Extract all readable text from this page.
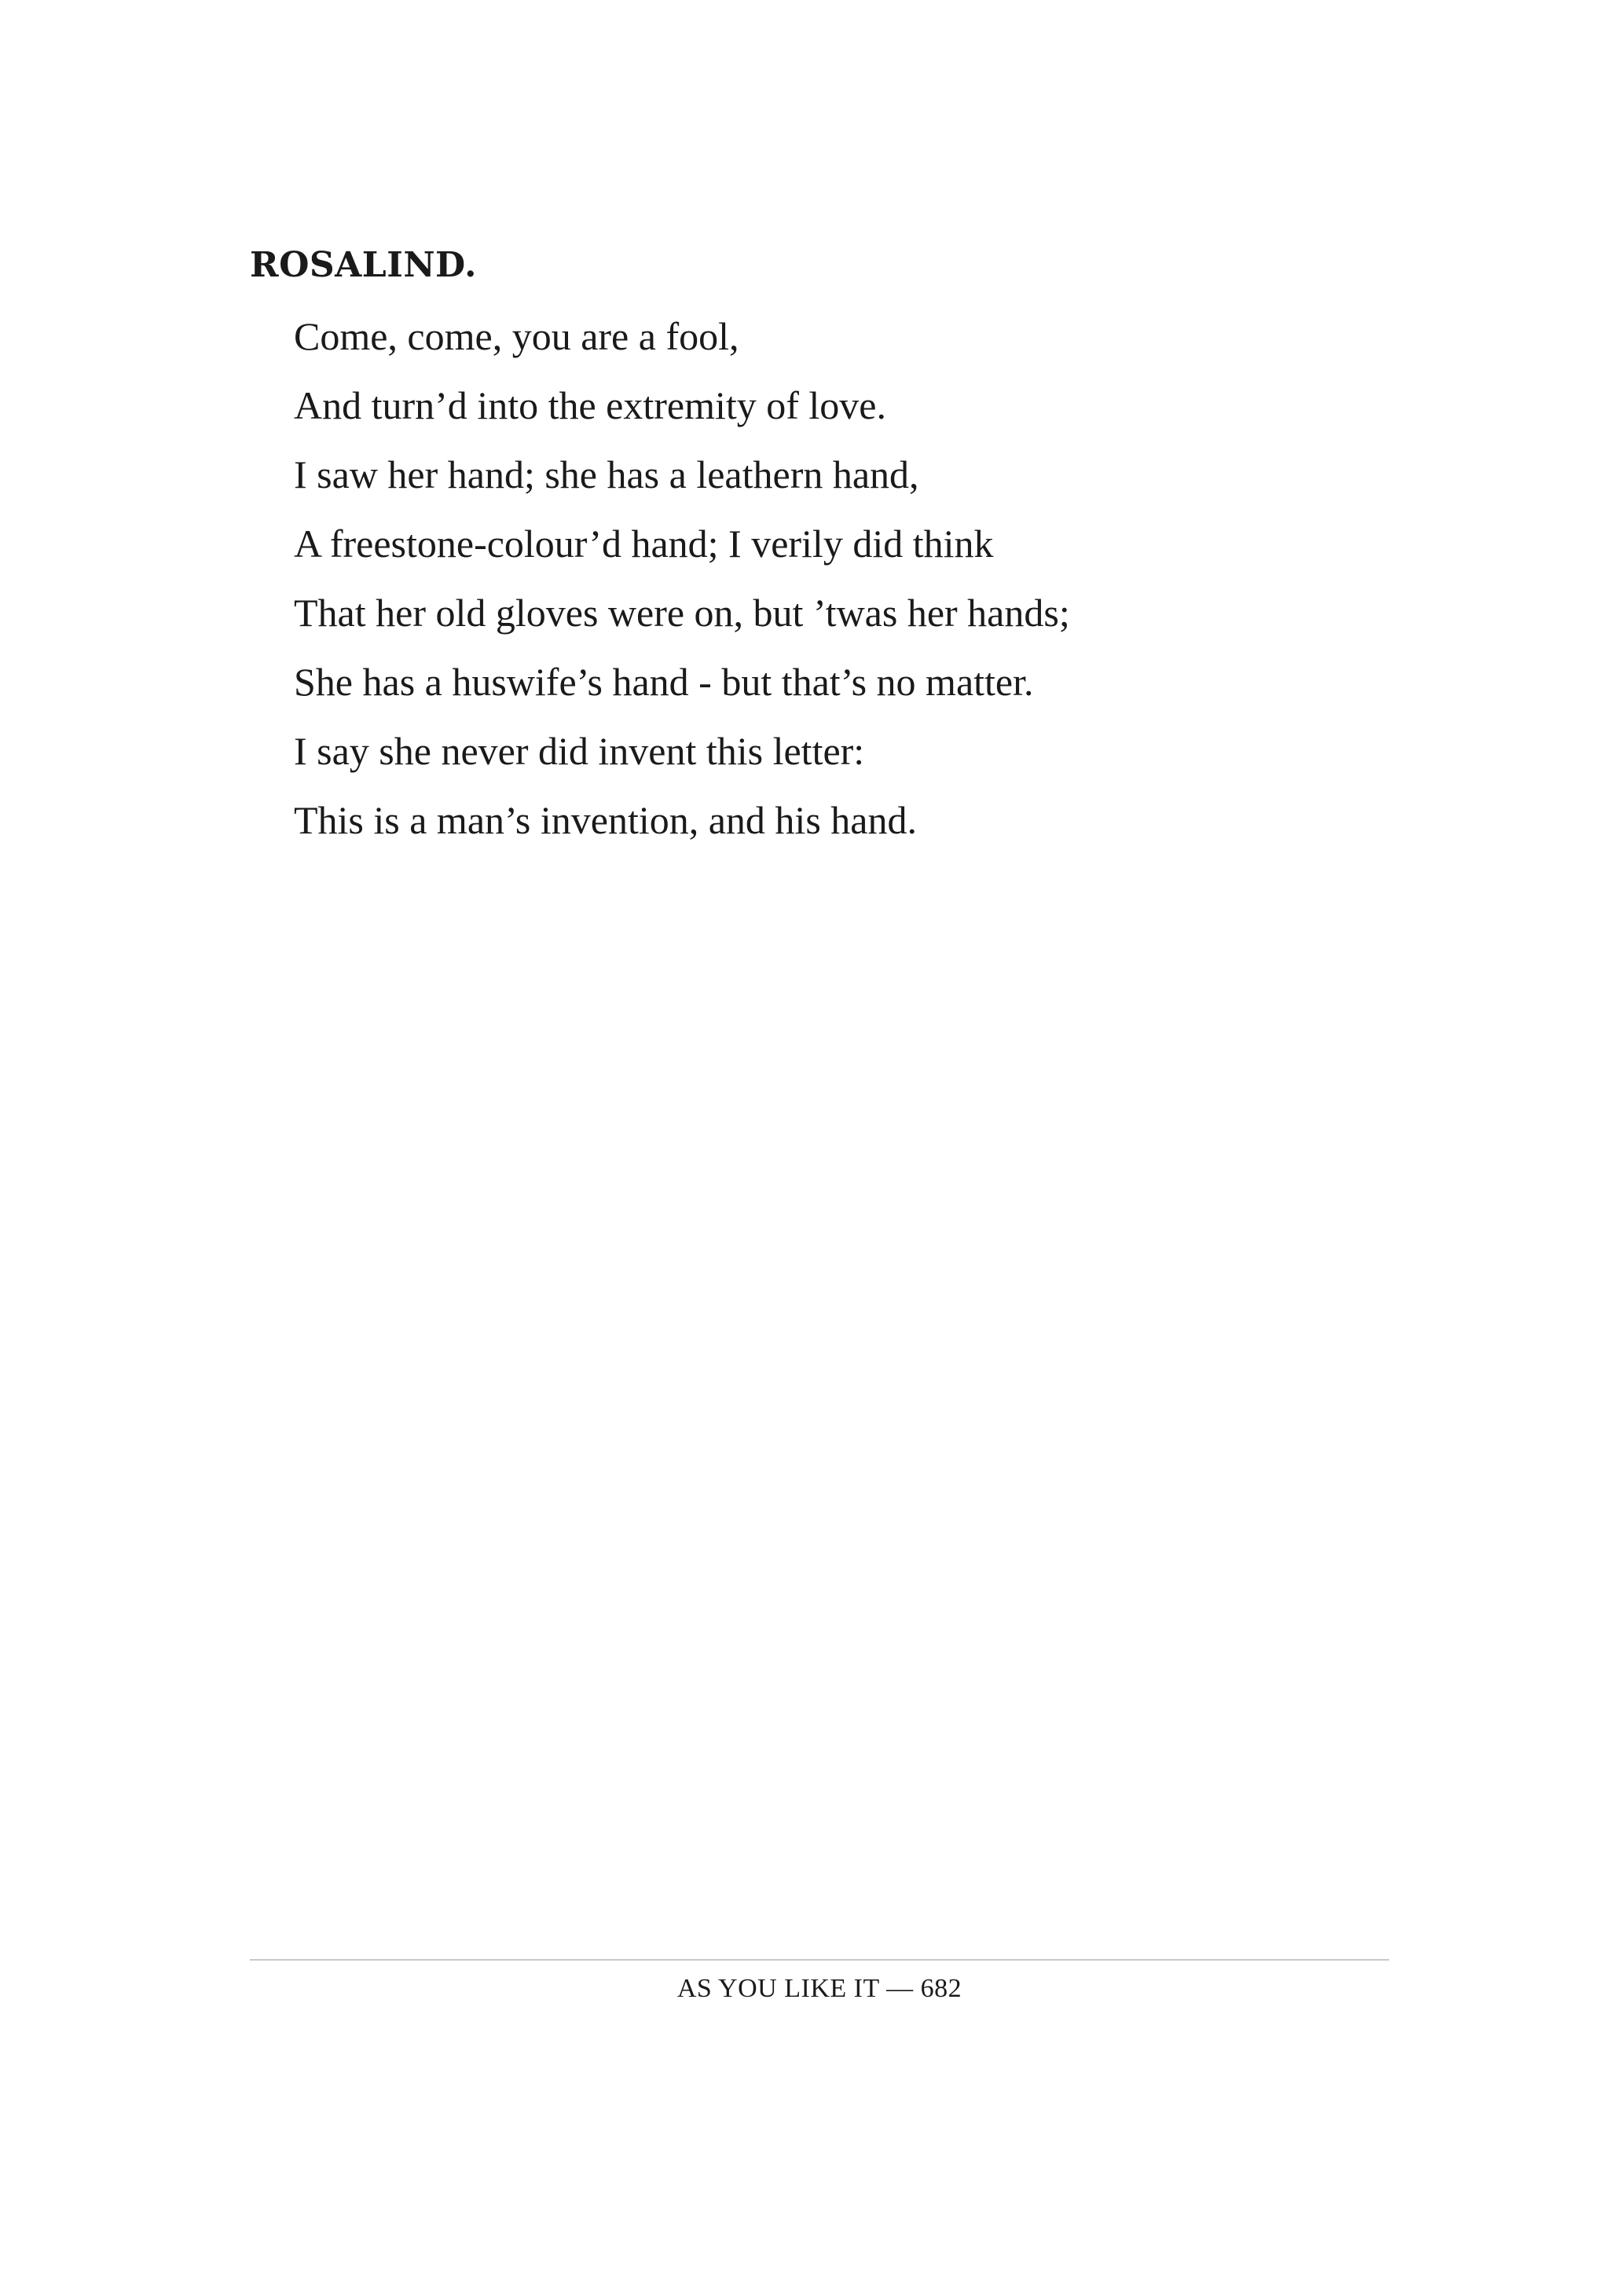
ROSALIND.

Come, come, you are a fool,
And turn’d into the extremity of love.
I saw her hand; she has a leathern hand,
A freestone-colour’d hand; I verily did think
That her old gloves were on, but ’twas her hands;
She has a huswife’s hand - but that’s no matter.
I say she never did invent this letter:
This is a man’s invention, and his hand.
AS YOU LIKE IT — 682
